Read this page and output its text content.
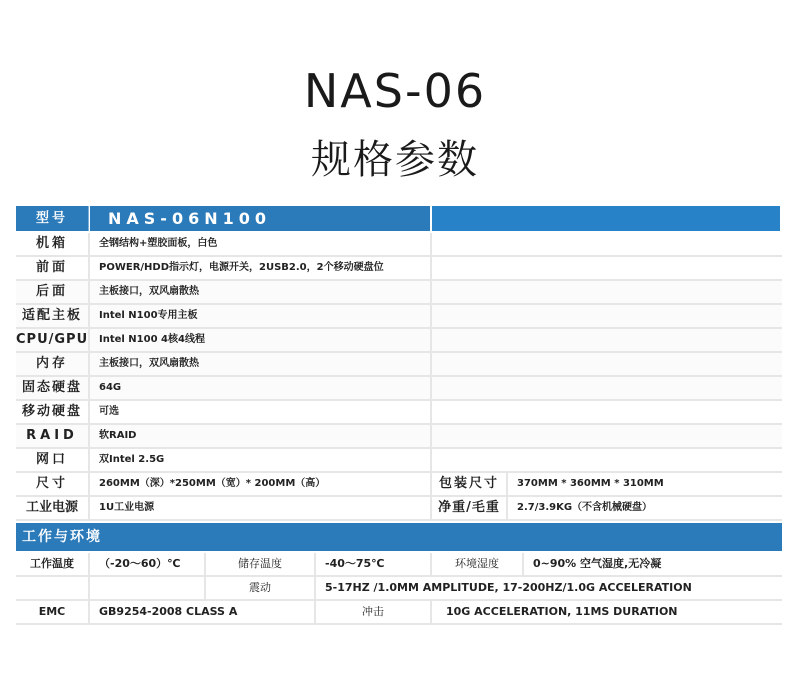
NAS-06
规格参数
型号	NAS-06N100
机箱	全钢结构+塑胶面板，白色
前面	POWER/HDD指示灯，电源开关，2USB2.0，2个移动硬盘位
后面	主板接口，双风扇散热
适配主板	Intel N100专用主板
CPU/GPU	Intel N100 4核4线程
内存	主板接口，双风扇散热
固态硬盘	64G
移动硬盘	可选
RAID	软RAID
网口	双Intel 2.5G
尺寸	260MM（深）*250MM（宽）* 200MM（高）	包装尺寸	370MM * 360MM * 310MM
工业电源	1U工业电源	净重/毛重	2.7/3.9KG（不含机械硬盘）
工作与环境
工作温度	（-20～60）℃	储存温度	-40～75℃	环境湿度	0~90% 空气湿度,无冷凝
震动	5-17HZ /1.0MM AMPLITUDE, 17-200HZ/1.0G ACCELERATION
EMC	GB9254-2008 CLASS A	冲击	10G ACCELERATION, 11MS DURATION
